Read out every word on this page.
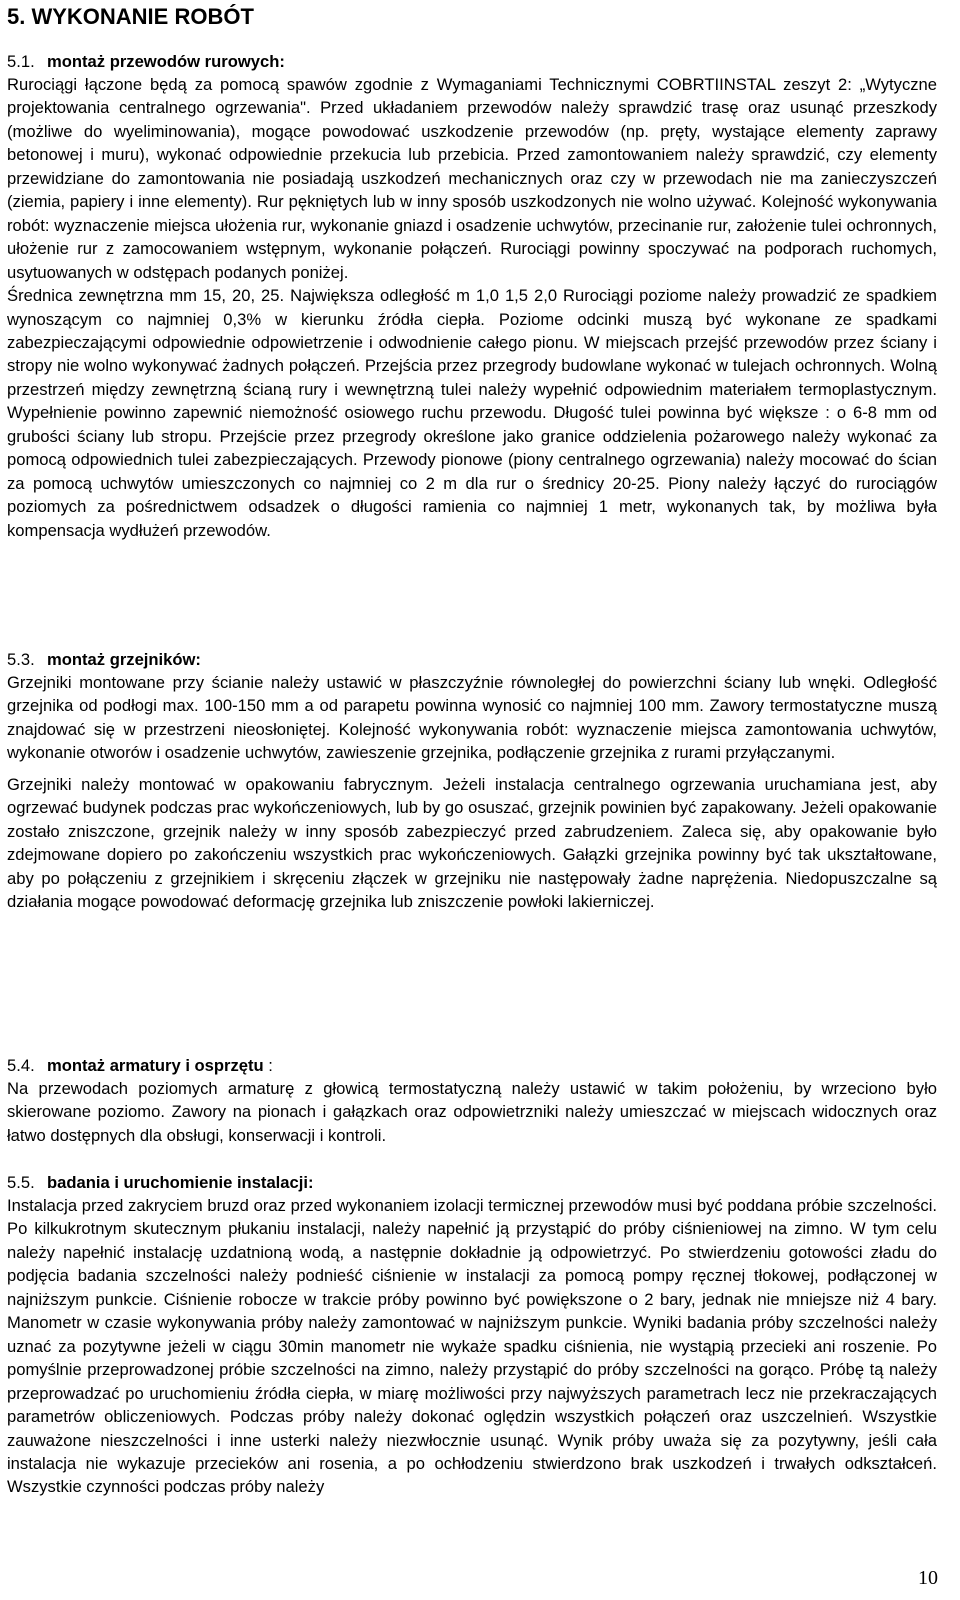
5. WYKONANIE ROBÓT

5.1. montaż przewodów rurowych:

Rurociągi łączone będą za pomocą spawów zgodnie z Wymaganiami Technicznymi COBRTIINSTAL zeszyt 2: „Wytyczne projektowania centralnego ogrzewania". Przed układaniem przewodów należy sprawdzić trasę oraz usunąć przeszkody (możliwe do wyeliminowania), mogące powodować uszkodzenie przewodów (np. pręty, wystające elementy zaprawy betonowej i muru), wykonać odpowiednie przekucia lub przebicia. Przed zamontowaniem należy sprawdzić, czy elementy przewidziane do zamontowania nie posiadają uszkodzeń mechanicznych oraz czy w przewodach nie ma zanieczyszczeń (ziemia, papiery i inne elementy). Rur pękniętych lub w inny sposób uszkodzonych nie wolno używać. Kolejność wykonywania robót: wyznaczenie miejsca ułożenia rur, wykonanie gniazd i osadzenie uchwytów, przecinanie rur, założenie tulei ochronnych, ułożenie rur z zamocowaniem wstępnym, wykonanie połączeń. Rurociągi powinny spoczywać na podporach ruchomych, usytuowanych w odstępach podanych poniżej.

Średnica zewnętrzna mm 15, 20, 25. Największa odległość m 1,0 1,5 2,0 Rurociągi poziome należy prowadzić ze spadkiem wynoszącym co najmniej 0,3% w kierunku źródła ciepła. Poziome odcinki muszą być wykonane ze spadkami zabezpieczającymi odpowiednie odpowietrzenie i odwodnienie całego pionu. W miejscach przejść przewodów przez ściany i stropy nie wolno wykonywać żadnych połączeń. Przejścia przez przegrody budowlane wykonać w tulejach ochronnych. Wolną przestrzeń między zewnętrzną ścianą rury i wewnętrzną tulei należy wypełnić odpowiednim materiałem termoplastycznym. Wypełnienie powinno zapewnić niemożność osiowego ruchu przewodu. Długość tulei powinna być większe : o 6-8 mm od grubości ściany lub stropu. Przejście przez przegrody określone jako granice oddzielenia pożarowego należy wykonać za pomocą odpowiednich tulei zabezpieczających. Przewody pionowe (piony centralnego ogrzewania) należy mocować do ścian za pomocą uchwytów umieszczonych co najmniej co 2 m dla rur o średnicy 20-25. Piony należy łączyć do rurociągów poziomych za pośrednictwem odsadzek o długości ramienia co najmniej 1 metr, wykonanych tak, by możliwa była kompensacja wydłużeń przewodów.

5.3. montaż grzejników:

Grzejniki montowane przy ścianie należy ustawić w płaszczyźnie równoległej do powierzchni ściany lub wnęki. Odległość grzejnika od podłogi max. 100-150 mm a od parapetu powinna wynosić co najmniej 100 mm. Zawory termostatyczne muszą znajdować się w przestrzeni nieosłoniętej. Kolejność wykonywania robót: wyznaczenie miejsca zamontowania uchwytów, wykonanie otworów i osadzenie uchwytów, zawieszenie grzejnika, podłączenie grzejnika z rurami przyłączanymi.

Grzejniki należy montować w opakowaniu fabrycznym. Jeżeli instalacja centralnego ogrzewania uruchamiana jest, aby ogrzewać budynek podczas prac wykończeniowych, lub by go osuszać, grzejnik powinien być zapakowany. Jeżeli opakowanie zostało zniszczone, grzejnik należy w inny sposób zabezpieczyć przed zabrudzeniem. Zaleca się, aby opakowanie było zdejmowane dopiero po zakończeniu wszystkich prac wykończeniowych. Gałązki grzejnika powinny być tak ukształtowane, aby po połączeniu z grzejnikiem i skręceniu złączek w grzejniku nie następowały żadne naprężenia. Niedopuszczalne są działania mogące powodować deformację grzejnika lub zniszczenie powłoki lakierniczej.

5.4. montaż armatury i osprzętu :

Na przewodach poziomych armaturę z głowicą termostatyczną należy ustawić w takim położeniu, by wrzeciono było skierowane poziomo. Zawory na pionach i gałązkach oraz odpowietrzniki należy umieszczać w miejscach widocznych oraz łatwo dostępnych dla obsługi, konserwacji i kontroli.

5.5. badania i uruchomienie instalacji:

Instalacja przed zakryciem bruzd oraz przed wykonaniem izolacji termicznej przewodów musi być poddana próbie szczelności. Po kilkukrotnym skutecznym płukaniu instalacji, należy napełnić ją przystąpić do próby ciśnieniowej na zimno. W tym celu należy napełnić instalację uzdatnioną wodą, a następnie dokładnie ją odpowietrzyć. Po stwierdzeniu gotowości zładu do podjęcia badania szczelności należy podnieść ciśnienie w instalacji za pomocą pompy ręcznej tłokowej, podłączonej w najniższym punkcie. Ciśnienie robocze w trakcie próby powinno być powiększone o 2 bary, jednak nie mniejsze niż 4 bary. Manometr w czasie wykonywania próby należy zamontować w najniższym punkcie. Wyniki badania próby szczelności należy uznać za pozytywne jeżeli w ciągu 30min manometr nie wykaże spadku ciśnienia, nie wystąpią przecieki ani roszenie. Po pomyślnie przeprowadzonej próbie szczelności na zimno, należy przystąpić do próby szczelności na gorąco. Próbę tą należy przeprowadzać po uruchomieniu źródła ciepła, w miarę możliwości przy najwyższych parametrach lecz nie przekraczających parametrów obliczeniowych. Podczas próby należy dokonać oględzin wszystkich połączeń oraz uszczelnień. Wszystkie zauważone nieszczelności i inne usterki należy niezwłocznie usunąć. Wynik próby uważa się za pozytywny, jeśli cała instalacja nie wykazuje przecieków ani rosenia, a po ochłodzeniu stwierdzono brak uszkodzeń i trwałych odkształceń. Wszystkie czynności podczas próby należy

10
